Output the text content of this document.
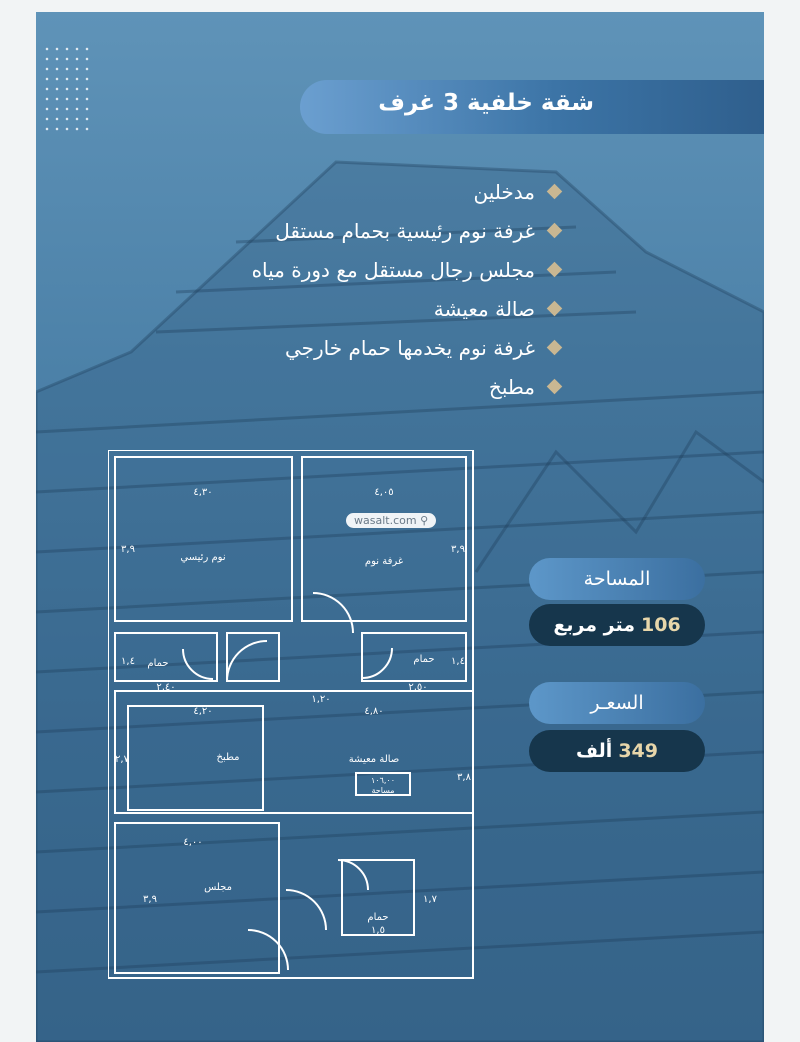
شقة خلفية 3 غرف
مدخلين
غرفة نوم رئيسية بحمام مستقل
مجلس رجال مستقل مع دورة مياه
صالة معيشة
غرفة نوم يخدمها حمام خارجي
مطبخ
نوم رئيسي	غرفة نوم
حمام	حمام
مطبخ	صالة معيشة
مجلس
حمام
١٠٦,٠٠
مساحة
٤,٣٠
٣,٩
٤,٠٥
٣,٩
٢,٤٠
١,٤
٢,٥٠
١,٤
١,٢٠
٤,٢٠
٢,٧
٤,٨٠
٣,٨
٤,٠٠
٣,٩	١,٧
١,٥
wasalt.com ⚲
المساحة
106
متر مربع
السعـر
349
ألف
